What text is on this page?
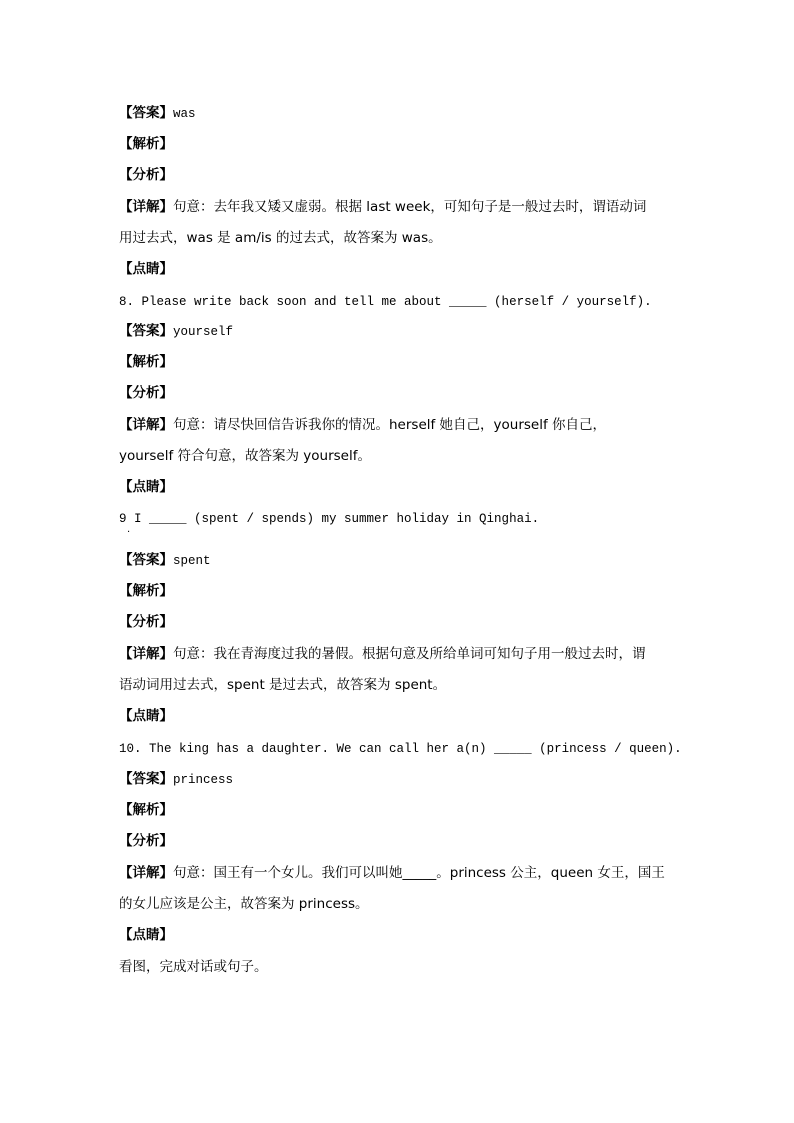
【答案】was
【解析】
【分析】
【详解】句意：去年我又矮又虚弱。根据 last week，可知句子是一般过去时，谓语动词
用过去式，was 是 am/is 的过去式，故答案为 was。
【点睛】
8. Please write back soon and tell me about _____ (herself / yourself).
【答案】yourself
【解析】
【分析】
【详解】句意：请尽快回信告诉我你的情况。herself 她自己，yourself 你自己，
yourself 符合句意，故答案为 yourself。
【点睛】
9 I _____ (spent / spends) my summer holiday in Qinghai.
·
【答案】spent
【解析】
【分析】
【详解】句意：我在青海度过我的暑假。根据句意及所给单词可知句子用一般过去时，谓
语动词用过去式，spent 是过去式，故答案为 spent。
【点睛】
10. The king has a daughter. We can call her a(n) _____ (princess / queen).
【答案】princess
【解析】
【分析】
【详解】句意：国王有一个女儿。我们可以叫她_____。princess 公主，queen 女王，国王
的女儿应该是公主，故答案为 princess。
【点睛】
看图，完成对话或句子。
